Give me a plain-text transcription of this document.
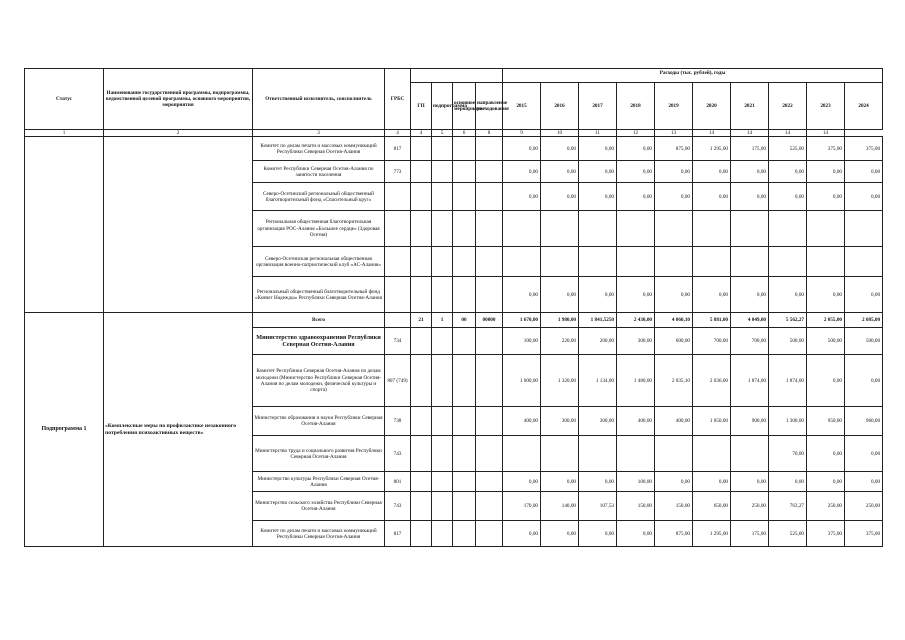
Статус	Наименование государственной программы, подпрограммы, ведомственной целевой программы, основного мероприятия, мероприятия	Ответственный исполнитель, соисполнитель	ГРБС					Расходы (тыс. рублей), годы									
				ГП	подпрограмма	основное мероприятие	направление расходования	2015	2016	2017	2018	2019	2020	2021	2022	2023	2024
1	2	3	4	4	5	6	8	9	10	11	12	13	14	14	14	14	
		Комитет по делам печати и массовых коммуникаций Республики Северная Осетия-Алания	817					0,00	0,00	0,00	0,00	875,00	1 295,00	175,00	525,00	375,00	375,00
		Комитет Республики Северная Осетия-Алания по занятости населения	773					0,00	0,00	0,00	0,00	0,00	0,00	0,00	0,00	0,00	0,00
		Северо-Осетинский региональный общественный благотворительный фонд «Спасительный круг»						0,00	0,00	0,00	0,00	0,00	0,00	0,00	0,00	0,00	0,00
		Региональная общественная благотворительная организация РОС-Алания «Большое сердце» (Здоровая Осетия)															
		Северо-Осетинская региональная общественная организация военно-патриотический клуб «АС-Алания»															
		Региональный общественный благотворительный фонд «Ковчег Надежды» Республики Северная Осетия-Алания						0,00	0,00	0,00	0,00	0,00	0,00	0,00	0,00	0,00	0,00
Подпрограмма 1	«Комплексные меры по профилактике незаконного потребления психоактивных веществ»	Всего		21	1	00	00000	1 670,00	1 980,00	1 841,5250	2 430,00	4 060,10	5 881,00	4 049,00	5 562,27	2 055,00	2 085,00
		Министерство здравоохранения Республики Северная Осетия-Алания	734					100,00	220,00	200,00	300,00	600,00	700,00	700,00	500,00	500,00	500,00
		Комитет Республики Северная Осетия-Алания по делам молодежи (Министерство Республики Северная Осетия-Алания по делам молодежи, физической культуры и спорта)	807 (749)					1 000,00	1 320,00	1 134,00	1 480,00	2 035,10	2 036,00	1 874,00	1 874,00	0,00	0,00
		Министерство образования и науки Республики Северная Осетия-Алания	738					400,00	300,00	300,00	400,00	400,00	1 050,00	900,00	1 300,00	950,00	960,00
		Министерство труда и социального развития Республики Северная Осетия-Алания	743												70,00	0,00	0,00
		Министерство культуры Республики Северная Осетия-Алания	801					0,00	0,00	0,00	100,00	0,00	0,00	0,00	0,00	0,00	0,00
		Министерство сельского хозяйства Республики Северная Осетия-Алания	743					170,00	140,00	107,53	150,00	150,00	650,00	250,00	763,27	250,00	250,00
		Комитет по делам печати и массовых коммуникаций Республики Северная Осетия-Алания	817					0,00	0,00	0,00	0,00	875,00	1 295,00	175,00	525,00	375,00	375,00
